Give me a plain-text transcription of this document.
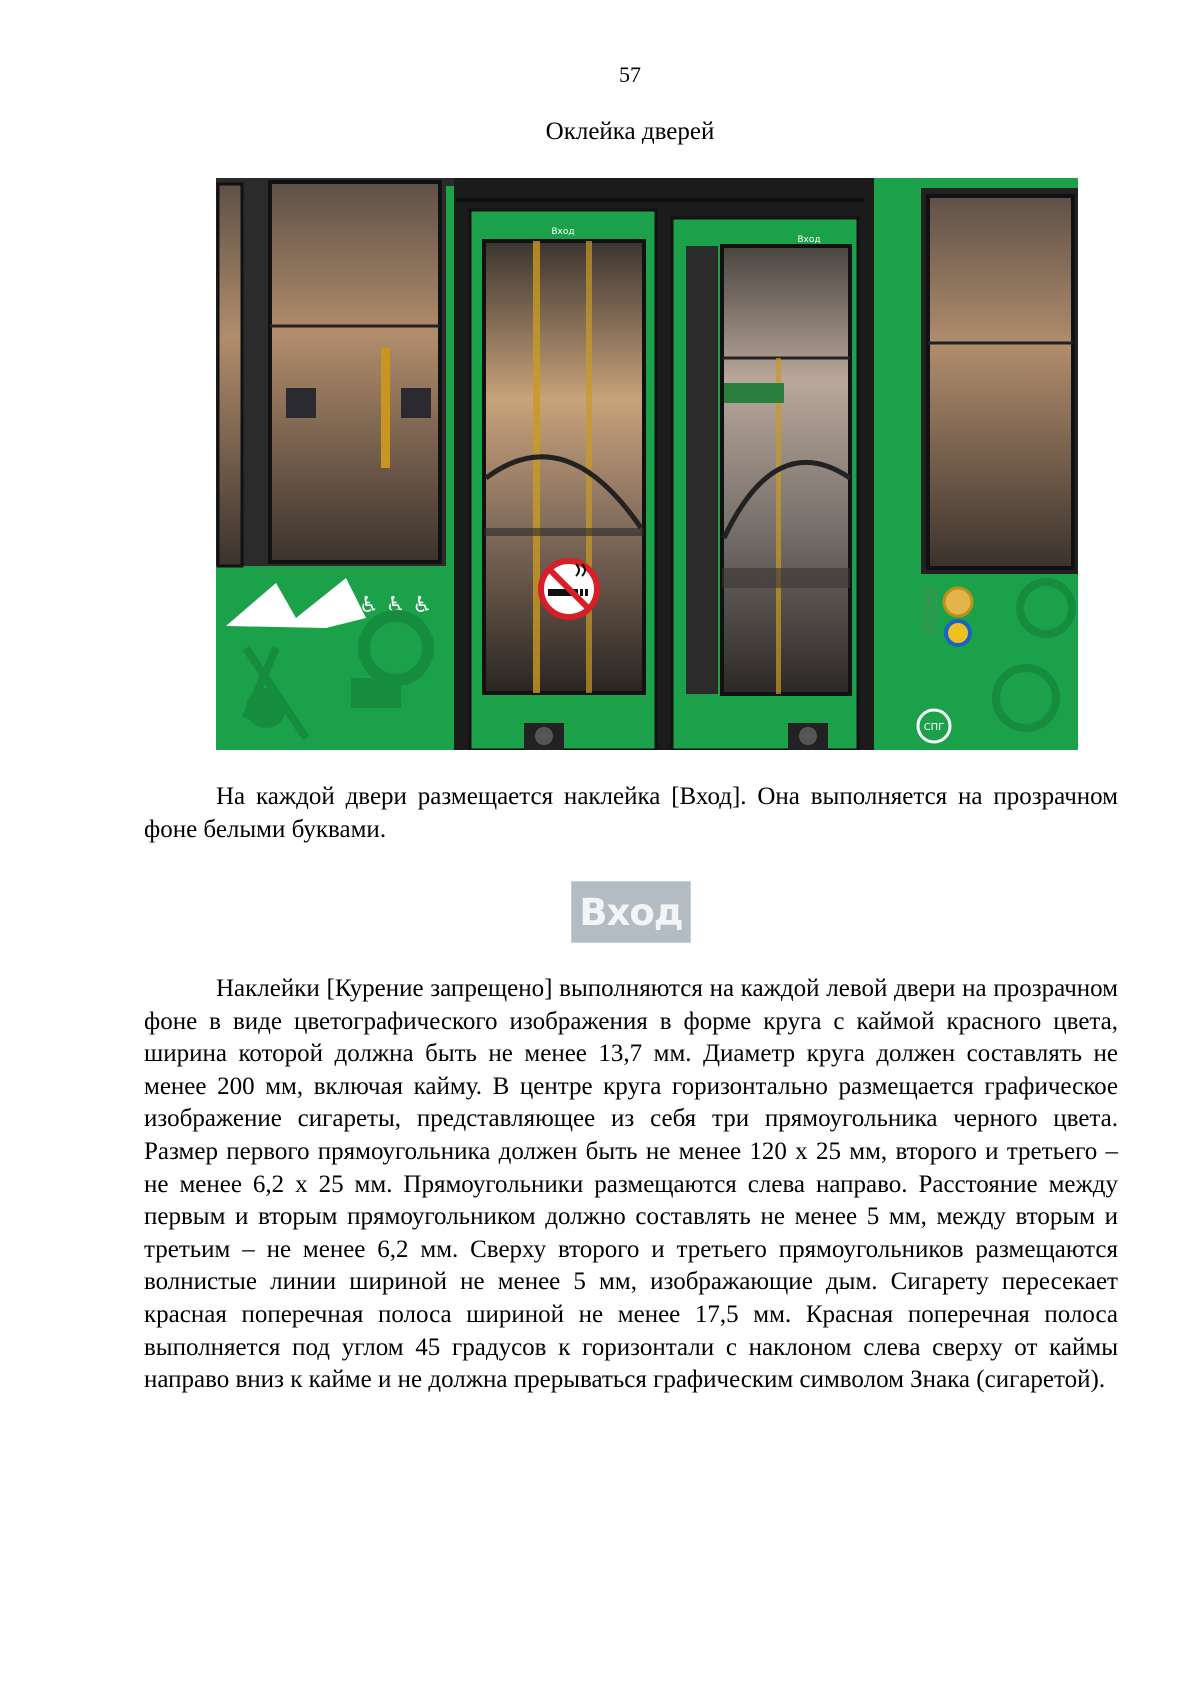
57
Оклейка дверей
♿ ♿ ♿
Вход
Вход
СПГ

На каждой двери размещается наклейка [Вход]. Она выполняется на прозрачном фоне белыми буквами.

Вход

Наклейки [Курение запрещено] выполняются на каждой левой двери на прозрачном фоне в виде цветографического изображения в форме круга с каймой красного цвета, ширина которой должна быть не менее 13,7 мм. Диаметр круга должен составлять не менее 200 мм, включая кайму. В центре круга горизонтально размещается графическое изображение сигареты, представляющее из себя три прямоугольника черного цвета. Размер первого прямоугольника должен быть не менее 120 х 25 мм, второго и третьего – не менее 6,2 х 25 мм. Прямоугольники размещаются слева направо. Расстояние между первым и вторым прямоугольником должно составлять не менее 5 мм, между вторым и третьим – не менее 6,2 мм. Сверху второго и третьего прямоугольников размещаются волнистые линии шириной не менее 5 мм, изображающие дым. Сигарету пересекает красная поперечная полоса шириной не менее 17,5 мм. Красная поперечная полоса выполняется под углом 45 градусов к горизонтали с наклоном слева сверху от каймы направо вниз к кайме и не должна прерываться графическим символом Знака (сигаретой).
